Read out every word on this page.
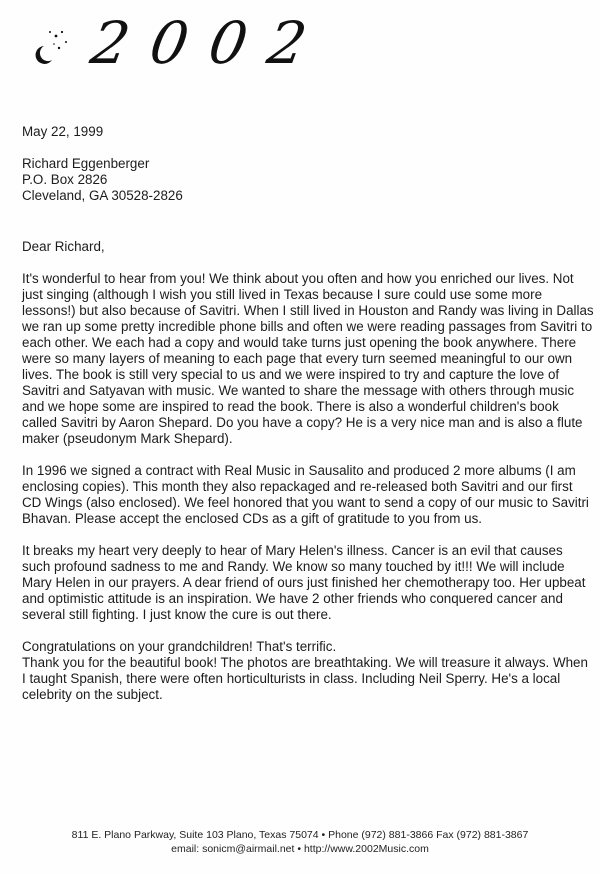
2002

May 22, 1999

Richard Eggenberger

P.O. Box 2826

Cleveland, GA 30528-2826

Dear Richard,

It's wonderful to hear from you! We think about you often and how you enriched our lives. Not just singing (although I wish you still lived in Texas because I sure could use some more lessons!) but also because of Savitri. When I still lived in Houston and Randy was living in Dallas we ran up some pretty incredible phone bills and often we were reading passages from Savitri to each other. We each had a copy and would take turns just opening the book anywhere. There were so many layers of meaning to each page that every turn seemed meaningful to our own lives. The book is still very special to us and we were inspired to try and capture the love of Savitri and Satyavan with music. We wanted to share the message with others through music and we hope some are inspired to read the book. There is also a wonderful children's book called Savitri by Aaron Shepard. Do you have a copy? He is a very nice man and is also a flute maker (pseudonym Mark Shepard).

In 1996 we signed a contract with Real Music in Sausalito and produced 2 more albums (I am enclosing copies). This month they also repackaged and re-released both Savitri and our first CD Wings (also enclosed). We feel honored that you want to send a copy of our music to Savitri Bhavan. Please accept the enclosed CDs as a gift of gratitude to you from us.

It breaks my heart very deeply to hear of Mary Helen's illness. Cancer is an evil that causes such profound sadness to me and Randy. We know so many touched by it!!! We will include Mary Helen in our prayers. A dear friend of ours just finished her chemotherapy too. Her upbeat and optimistic attitude is an inspiration. We have 2 other friends who conquered cancer and several still fighting. I just know the cure is out there.

Congratulations on your grandchildren! That's terrific.

Thank you for the beautiful book! The photos are breathtaking. We will treasure it always. When I taught Spanish, there were often horticulturists in class. Including Neil Sperry. He's a local celebrity on the subject.

811 E. Plano Parkway, Suite 103 Plano, Texas 75074 • Phone (972) 881-3866 Fax (972) 881-3867
email: sonicm@airmail.net • http://www.2002Music.com
